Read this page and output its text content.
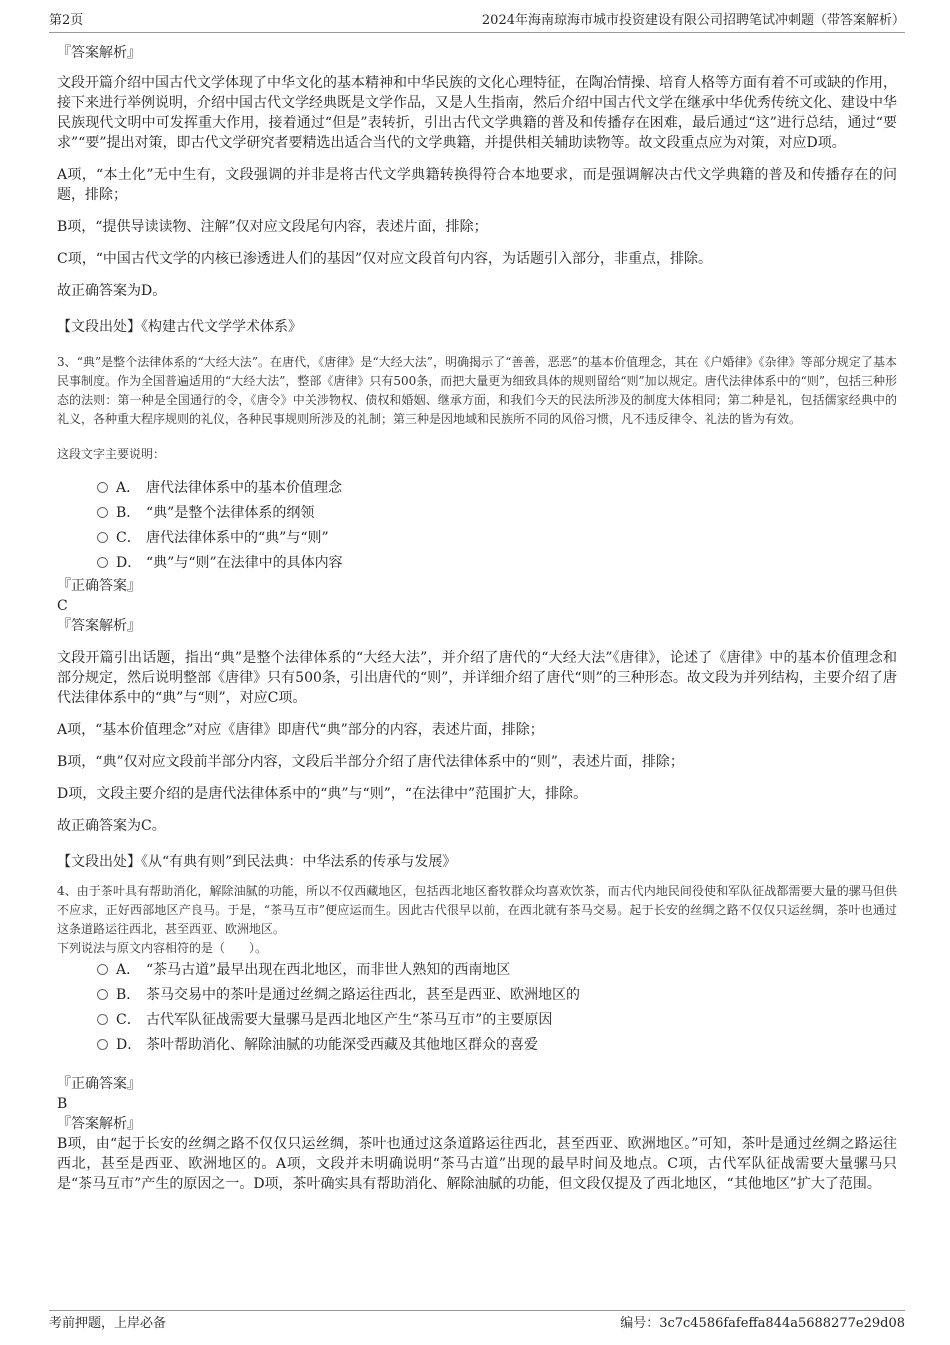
第2页	2024年海南琼海市城市投资建设有限公司招聘笔试冲刺题（带答案解析）

『答案解析』

文段开篇介绍中国古代文学体现了中华文化的基本精神和中华民族的文化心理特征，在陶冶情操、培育人格等方面有着不可或缺的作用，接下来进行举例说明，介绍中国古代文学经典既是文学作品，又是人生指南，然后介绍中国古代文学在继承中华优秀传统文化、建设中华民族现代文明中可发挥重大作用，接着通过“但是”表转折，引出古代文学典籍的普及和传播存在困难，最后通过“这”进行总结，通过“要求”“要”提出对策，即古代文学研究者要精选出适合当代的文学典籍，并提供相关辅助读物等。故文段重点应为对策，对应D项。

A项，“本土化”无中生有，文段强调的并非是将古代文学典籍转换得符合本地要求，而是强调解决古代文学典籍的普及和传播存在的问题，排除；

B项，“提供导读读物、注解”仅对应文段尾句内容，表述片面，排除；

C项，“中国古代文学的内核已渗透进人们的基因”仅对应文段首句内容，为话题引入部分，非重点，排除。

故正确答案为D。

【文段出处】《构建古代文学学术体系》

3、“典”是整个法律体系的“大经大法”。在唐代，《唐律》是“大经大法”，明确揭示了“善善，恶恶”的基本价值理念，其在《户婚律》《杂律》等部分规定了基本民事制度。作为全国普遍适用的“大经大法”，整部《唐律》只有500条，而把大量更为细致具体的规则留给“则”加以规定。唐代法律体系中的“则”，包括三种形态的法则：第一种是全国通行的令，《唐令》中关涉物权、债权和婚姻、继承方面，和我们今天的民法所涉及的制度大体相同；第二种是礼，包括儒家经典中的礼义，各种重大程序规则的礼仪，各种民事规则所涉及的礼制；第三种是因地域和民族所不同的风俗习惯，凡不违反律令、礼法的皆为有效。

这段文字主要说明：

A． 唐代法律体系中的基本价值理念
B． “典”是整个法律体系的纲领
C． 唐代法律体系中的“典”与“则”
D． “典”与“则”在法律中的具体内容

『正确答案』

C

『答案解析』

文段开篇引出话题，指出“典”是整个法律体系的“大经大法”，并介绍了唐代的“大经大法”《唐律》，论述了《唐律》中的基本价值理念和部分规定，然后说明整部《唐律》只有500条，引出唐代的“则”，并详细介绍了唐代“则”的三种形态。故文段为并列结构，主要介绍了唐代法律体系中的“典”与“则”，对应C项。

A项，“基本价值理念”对应《唐律》即唐代“典”部分的内容，表述片面，排除；

B项，“典”仅对应文段前半部分内容，文段后半部分介绍了唐代法律体系中的“则”，表述片面，排除；

D项，文段主要介绍的是唐代法律体系中的“典”与“则”，“在法律中”范围扩大，排除。

故正确答案为C。

【文段出处】《从“有典有则”到民法典：中华法系的传承与发展》

4、由于茶叶具有帮助消化，解除油腻的功能，所以不仅西藏地区，包括西北地区畜牧群众均喜欢饮茶，而古代内地民间役使和军队征战都需要大量的骡马但供不应求，正好西部地区产良马。于是，“茶马互市”便应运而生。因此古代很早以前，在西北就有茶马交易。起于长安的丝绸之路不仅仅只运丝绸，茶叶也通过这条道路运往西北，甚至西亚、欧洲地区。

下列说法与原文内容相符的是（　　）。

A． “茶马古道”最早出现在西北地区，而非世人熟知的西南地区
B． 茶马交易中的茶叶是通过丝绸之路运往西北，甚至是西亚、欧洲地区的
C． 古代军队征战需要大量骡马是西北地区产生“茶马互市”的主要原因
D． 茶叶帮助消化、解除油腻的功能深受西藏及其他地区群众的喜爱

『正确答案』

B

『答案解析』

B项，由“起于长安的丝绸之路不仅仅只运丝绸，茶叶也通过这条道路运往西北，甚至西亚、欧洲地区。”可知，茶叶是通过丝绸之路运往西北，甚至是西亚、欧洲地区的。A项，文段并未明确说明“茶马古道”出现的最早时间及地点。C项，古代军队征战需要大量骡马只是“茶马互市”产生的原因之一。D项，茶叶确实具有帮助消化、解除油腻的功能，但文段仅提及了西北地区，“其他地区”扩大了范围。

考前押题，上岸必备	编号：3c7c4586fafeffa844a5688277e29d08
